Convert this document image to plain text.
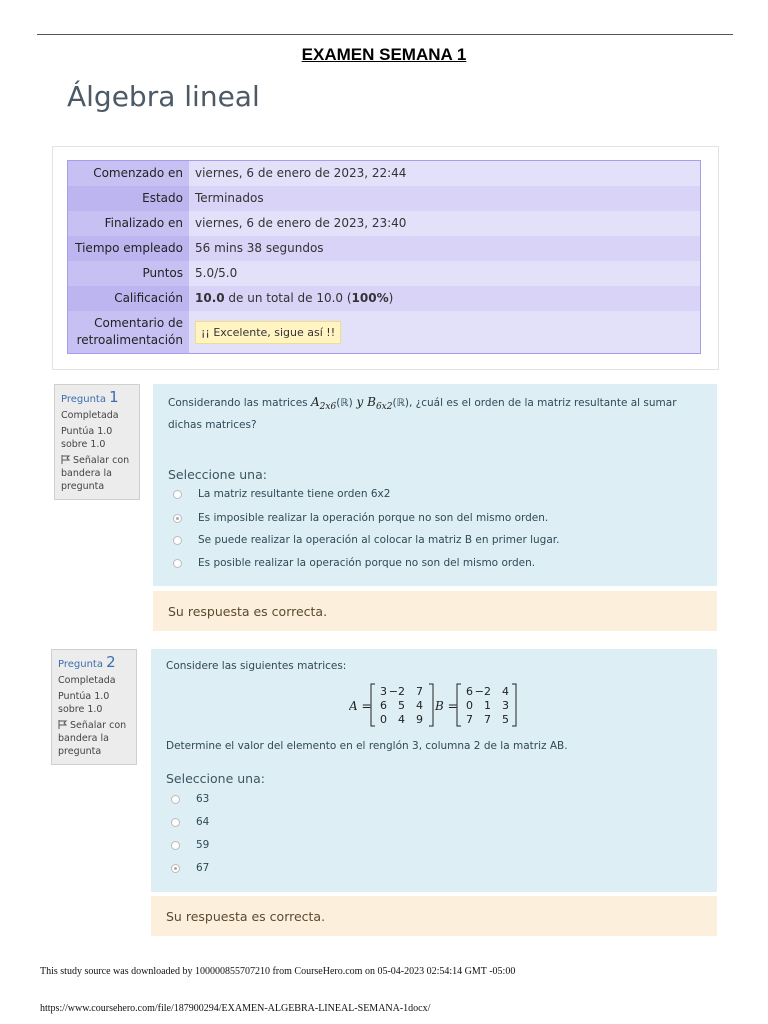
EXAMEN SEMANA 1
Álgebra lineal
Comenzado en	viernes, 6 de enero de 2023, 22:44
Estado	Terminados
Finalizado en	viernes, 6 de enero de 2023, 23:40
Tiempo empleado	56 mins 38 segundos
Puntos	5.0/5.0
Calificación	10.0 de un total de 10.0 (100%)
Comentario de retroalimentación	¡¡ Excelente, sigue así !!
Pregunta 1
Completada
Puntúa 1.0 sobre 1.0
Señalar con bandera la pregunta
Considerando las matrices $A_{2x6}(ℝ)$ y $B_{6x2}(ℝ)$, ¿cuál es el orden de la matriz resultante al sumar dichas matrices?
Seleccione una:
La matriz resultante tiene orden 6x2
Es imposible realizar la operación porque no son del mismo orden.
Se puede realizar la operación al colocar la matriz B en primer lugar.
Es posible realizar la operación porque no son del mismo orden.
Su respuesta es correcta.
Pregunta 2
Completada
Puntúa 1.0 sobre 1.0
Señalar con bandera la pregunta
Considere las siguientes matrices:
A =
3 −2 7
6 5 4
0 4 9
B =
6 −2 4
0 1 3
7 7 5
Determine el valor del elemento en el renglón 3, columna 2 de la matriz AB.
Seleccione una:
63
64
59
67
Su respuesta es correcta.
This study source was downloaded by 100000855707210 from CourseHero.com on 05-04-2023 02:54:14 GMT -05:00
https://www.coursehero.com/file/187900294/EXAMEN-ALGEBRA-LINEAL-SEMANA-1docx/
